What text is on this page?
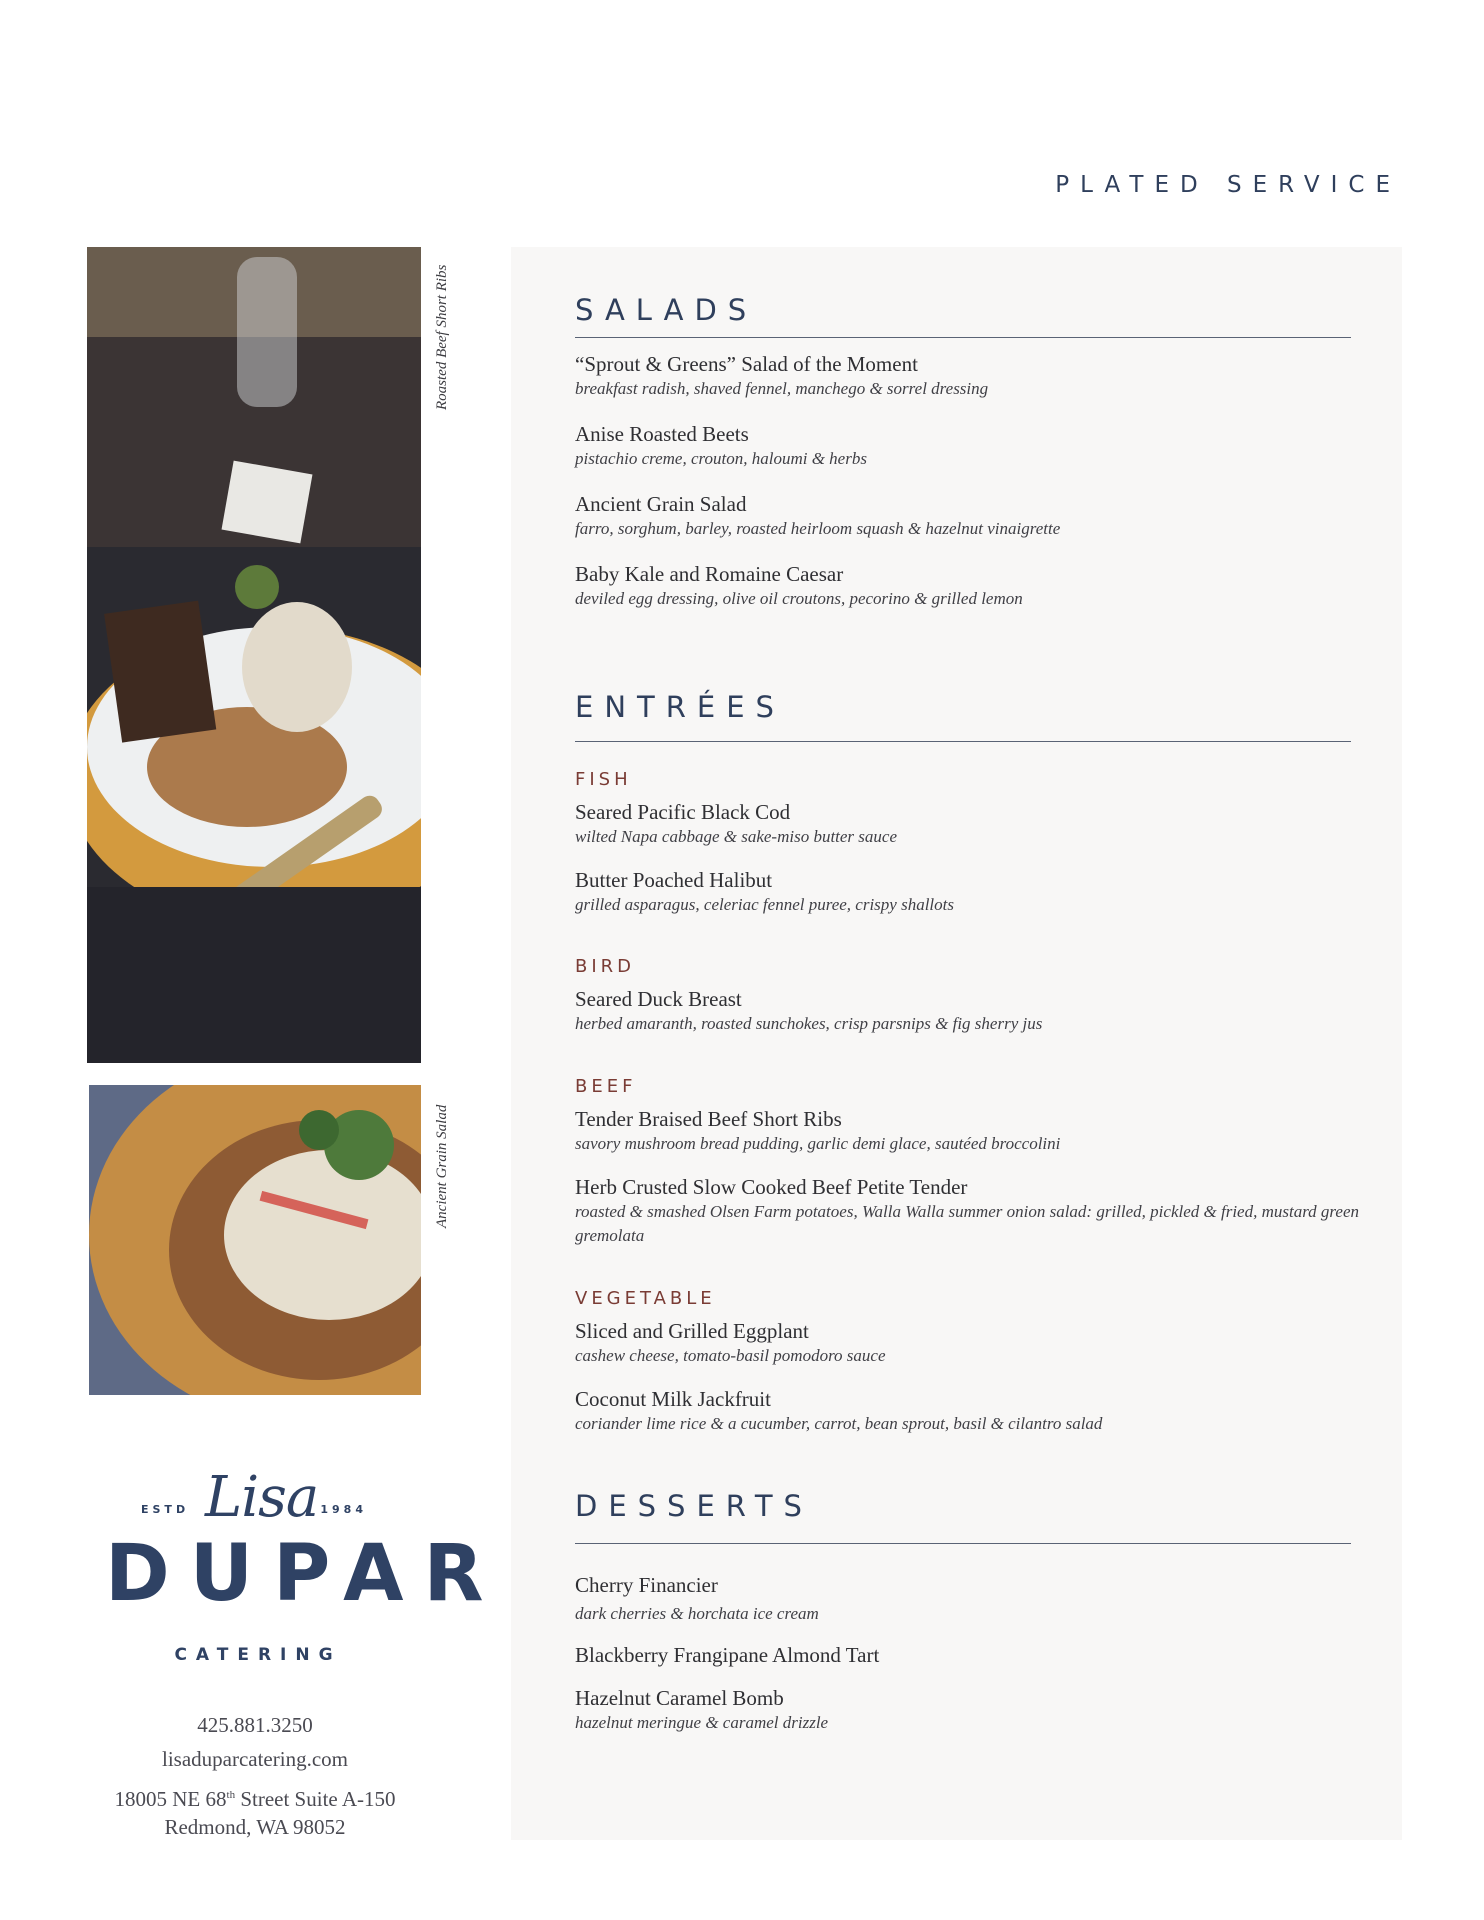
PLATED SERVICE
Roasted Beef Short Ribs
Ancient Grain Salad
ESTD Lisa 1984
DUPAR
CATERING
425.881.3250
lisaduparcatering.com
18005 NE 68th Street Suite A-150
Redmond, WA 98052
SALADS
“Sprout & Greens” Salad of the Moment
breakfast radish, shaved fennel, manchego & sorrel dressing
Anise Roasted Beets
pistachio creme, crouton, haloumi & herbs
Ancient Grain Salad
farro, sorghum, barley, roasted heirloom squash & hazelnut vinaigrette
Baby Kale and Romaine Caesar
deviled egg dressing, olive oil croutons, pecorino & grilled lemon
ENTRÉES
FISH
Seared Pacific Black Cod
wilted Napa cabbage & sake-miso butter sauce
Butter Poached Halibut
grilled asparagus, celeriac fennel puree, crispy shallots
BIRD
Seared Duck Breast
herbed amaranth, roasted sunchokes, crisp parsnips & fig sherry jus
BEEF
Tender Braised Beef Short Ribs
savory mushroom bread pudding, garlic demi glace, sautéed broccolini
Herb Crusted Slow Cooked Beef Petite Tender
roasted & smashed Olsen Farm potatoes, Walla Walla summer onion salad: grilled, pickled & fried, mustard green gremolata
VEGETABLE
Sliced and Grilled Eggplant
cashew cheese, tomato-basil pomodoro sauce
Coconut Milk Jackfruit
coriander lime rice & a cucumber, carrot, bean sprout, basil & cilantro salad
DESSERTS
Cherry Financier
dark cherries & horchata ice cream
Blackberry Frangipane Almond Tart
Hazelnut Caramel Bomb
hazelnut meringue & caramel drizzle
